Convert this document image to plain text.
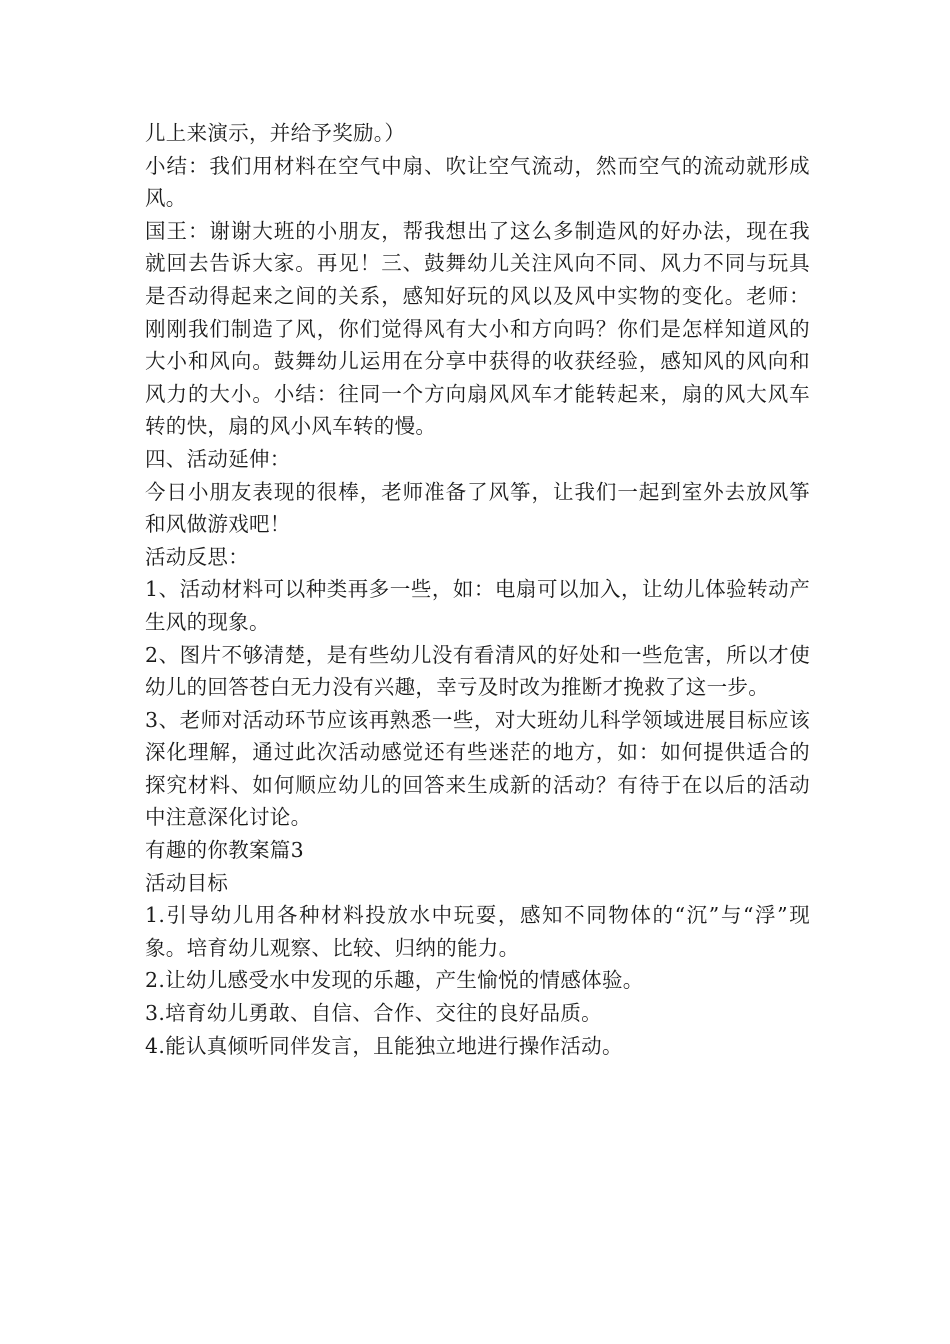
儿上来演示，并给予奖励。）

小结：我们用材料在空气中扇、吹让空气流动，然而空气的流动就形成风。

国王：谢谢大班的小朋友，帮我想出了这么多制造风的好办法，现在我就回去告诉大家。再见！三、鼓舞幼儿关注风向不同、风力不同与玩具是否动得起来之间的关系，感知好玩的风以及风中实物的变化。老师：刚刚我们制造了风，你们觉得风有大小和方向吗？你们是怎样知道风的大小和风向。鼓舞幼儿运用在分享中获得的收获经验，感知风的风向和风力的大小。小结：往同一个方向扇风风车才能转起来，扇的风大风车转的快，扇的风小风车转的慢。

四、活动延伸：

今日小朋友表现的很棒，老师准备了风筝，让我们一起到室外去放风筝和风做游戏吧！

活动反思：

1、活动材料可以种类再多一些，如：电扇可以加入，让幼儿体验转动产生风的现象。

2、图片不够清楚，是有些幼儿没有看清风的好处和一些危害，所以才使幼儿的回答苍白无力没有兴趣，幸亏及时改为推断才挽救了这一步。

3、老师对活动环节应该再熟悉一些，对大班幼儿科学领域进展目标应该深化理解，通过此次活动感觉还有些迷茫的地方，如：如何提供适合的探究材料、如何顺应幼儿的回答来生成新的活动？有待于在以后的活动中注意深化讨论。

有趣的你教案篇3

活动目标

1.引导幼儿用各种材料投放水中玩耍，感知不同物体的“沉”与“浮”现象。培育幼儿观察、比较、归纳的能力。

2.让幼儿感受水中发现的乐趣，产生愉悦的情感体验。

3.培育幼儿勇敢、自信、合作、交往的良好品质。

4.能认真倾听同伴发言，且能独立地进行操作活动。
